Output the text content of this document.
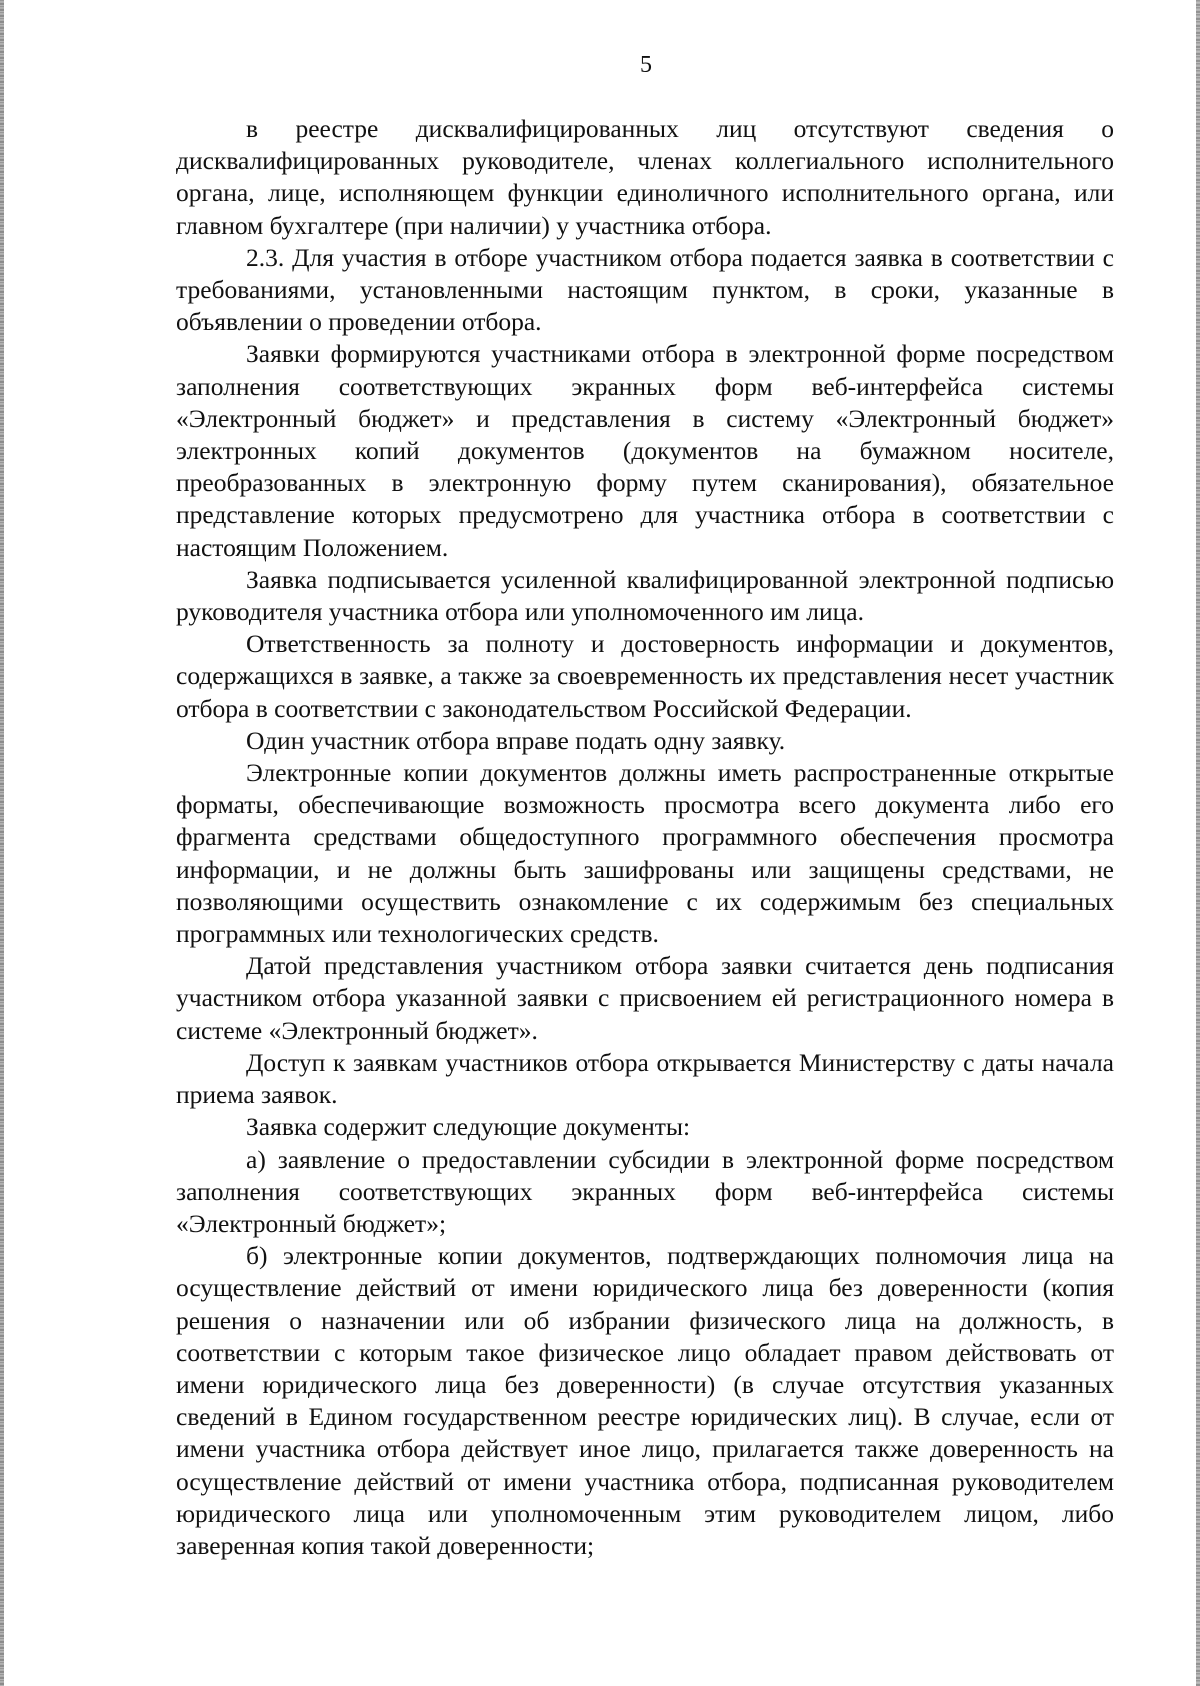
5

в реестре дисквалифицированных лиц отсутствуют сведения о дисквалифицированных руководителе, членах коллегиального исполнительного органа, лице, исполняющем функции единоличного исполнительного органа, или главном бухгалтере (при наличии) у участника отбора.

2.3. Для участия в отборе участником отбора подается заявка в соответствии с требованиями, установленными настоящим пунктом, в сроки, указанные в объявлении о проведении отбора.

Заявки формируются участниками отбора в электронной форме посредством заполнения соответствующих экранных форм веб-интерфейса системы «Электронный бюджет» и представления в систему «Электронный бюджет» электронных копий документов (документов на бумажном носителе, преобразованных в электронную форму путем сканирования), обязательное представление которых предусмотрено для участника отбора в соответствии с настоящим Положением.

Заявка подписывается усиленной квалифицированной электронной подписью руководителя участника отбора или уполномоченного им лица.

Ответственность за полноту и достоверность информации и документов, содержащихся в заявке, а также за своевременность их представления несет участник отбора в соответствии с законодательством Российской Федерации.

Один участник отбора вправе подать одну заявку.

Электронные копии документов должны иметь распространенные открытые форматы, обеспечивающие возможность просмотра всего документа либо его фрагмента средствами общедоступного программного обеспечения просмотра информации, и не должны быть зашифрованы или защищены средствами, не позволяющими осуществить ознакомление с их содержимым без специальных программных или технологических средств.

Датой представления участником отбора заявки считается день подписания участником отбора указанной заявки с присвоением ей регистрационного номера в системе «Электронный бюджет».

Доступ к заявкам участников отбора открывается Министерству с даты начала приема заявок.

Заявка содержит следующие документы:

а) заявление о предоставлении субсидии в электронной форме посредством заполнения соответствующих экранных форм веб-интерфейса системы «Электронный бюджет»;

б) электронные копии документов, подтверждающих полномочия лица на осуществление действий от имени юридического лица без доверенности (копия решения о назначении или об избрании физического лица на должность, в соответствии с которым такое физическое лицо обладает правом действовать от имени юридического лица без доверенности) (в случае отсутствия указанных сведений в Едином государственном реестре юридических лиц). В случае, если от имени участника отбора действует иное лицо, прилагается также доверенность на осуществление действий от имени участника отбора, подписанная руководителем юридического лица или уполномоченным этим руководителем лицом, либо заверенная копия такой доверенности;
